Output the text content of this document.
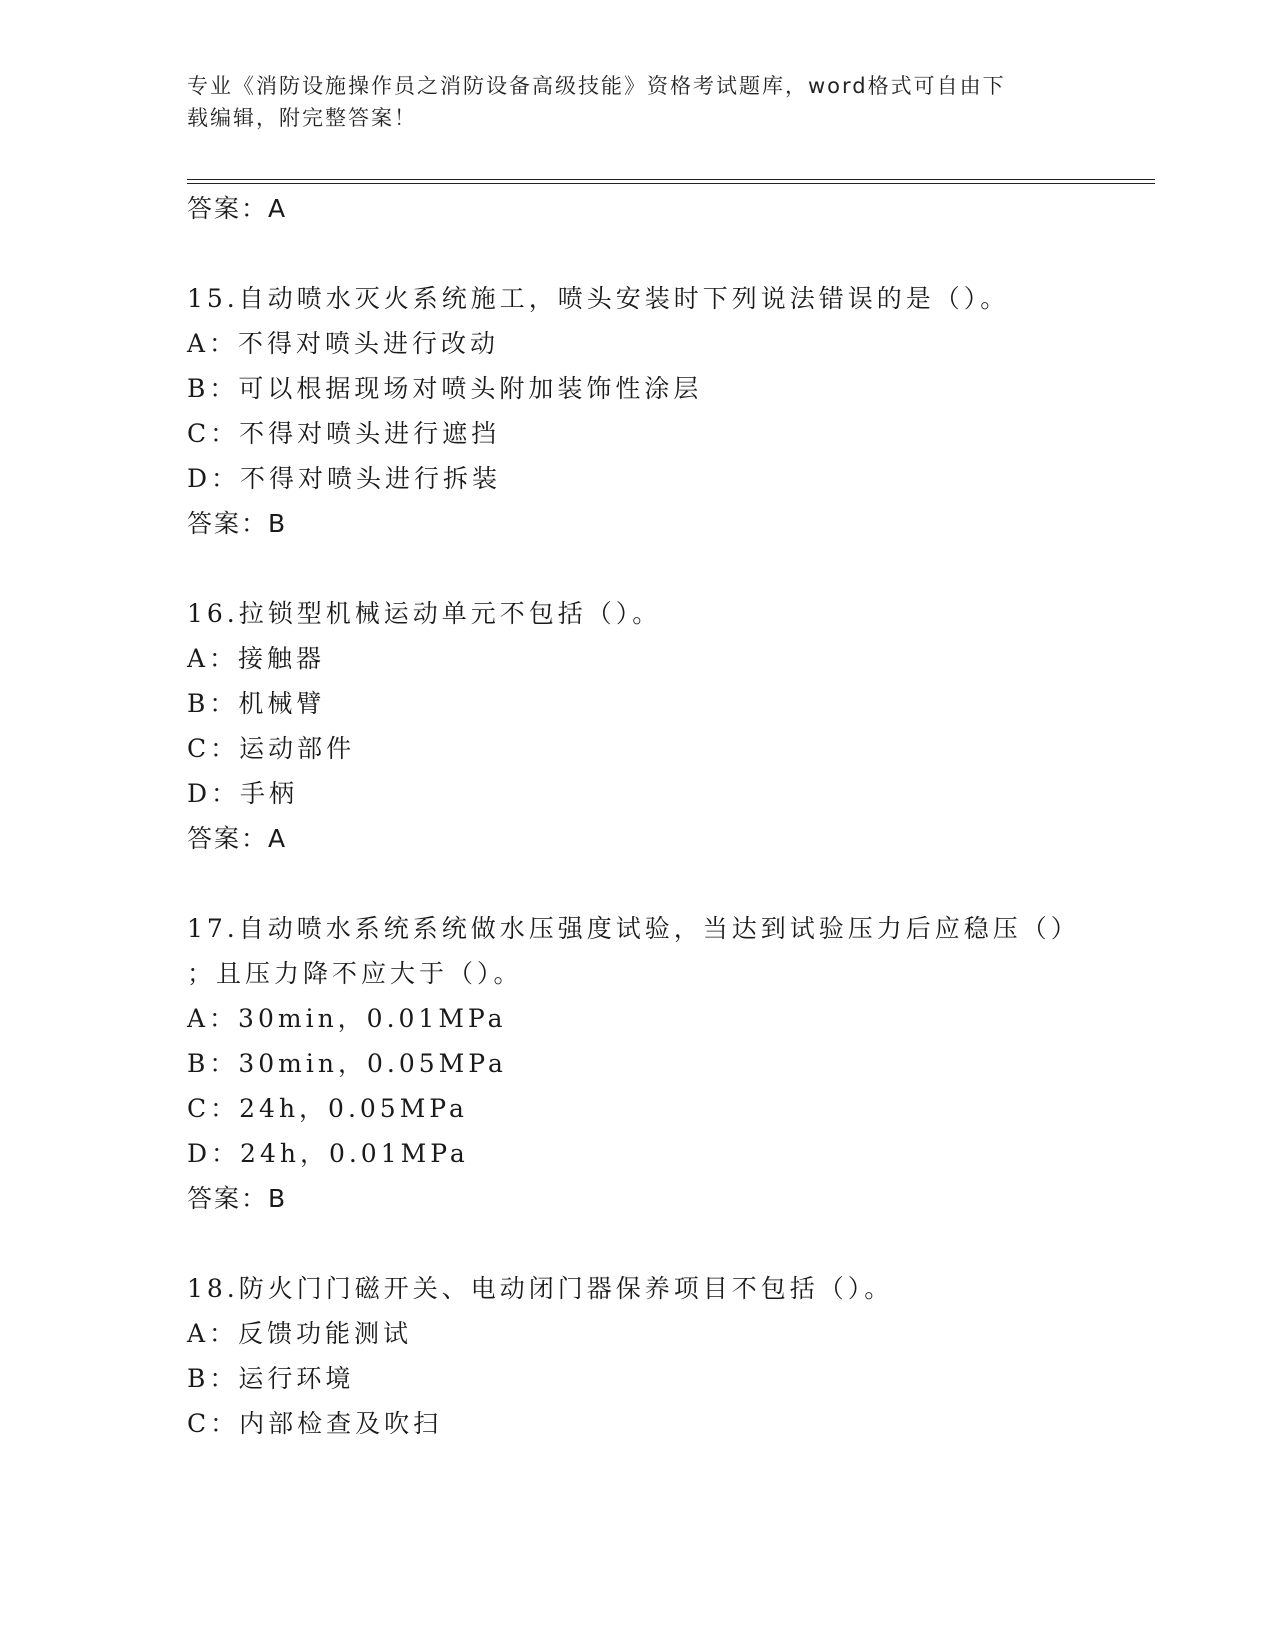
专业《消防设施操作员之消防设备高级技能》资格考试题库，word格式可自由下
载编辑，附完整答案！
答案：A
15.自动喷水灭火系统施工，喷头安装时下列说法错误的是（）。
A：不得对喷头进行改动
B：可以根据现场对喷头附加装饰性涂层
C：不得对喷头进行遮挡
D：不得对喷头进行拆装
答案：B
16.拉锁型机械运动单元不包括（）。
A：接触器
B：机械臂
C：运动部件
D：手柄
答案：A
17.自动喷水系统系统做水压强度试验，当达到试验压力后应稳压（）
；且压力降不应大于（）。
A：30min，0.01MPa
B：30min，0.05MPa
C：24h，0.05MPa
D：24h，0.01MPa
答案：B
18.防火门门磁开关、电动闭门器保养项目不包括（）。
A：反馈功能测试
B：运行环境
C：内部检查及吹扫
